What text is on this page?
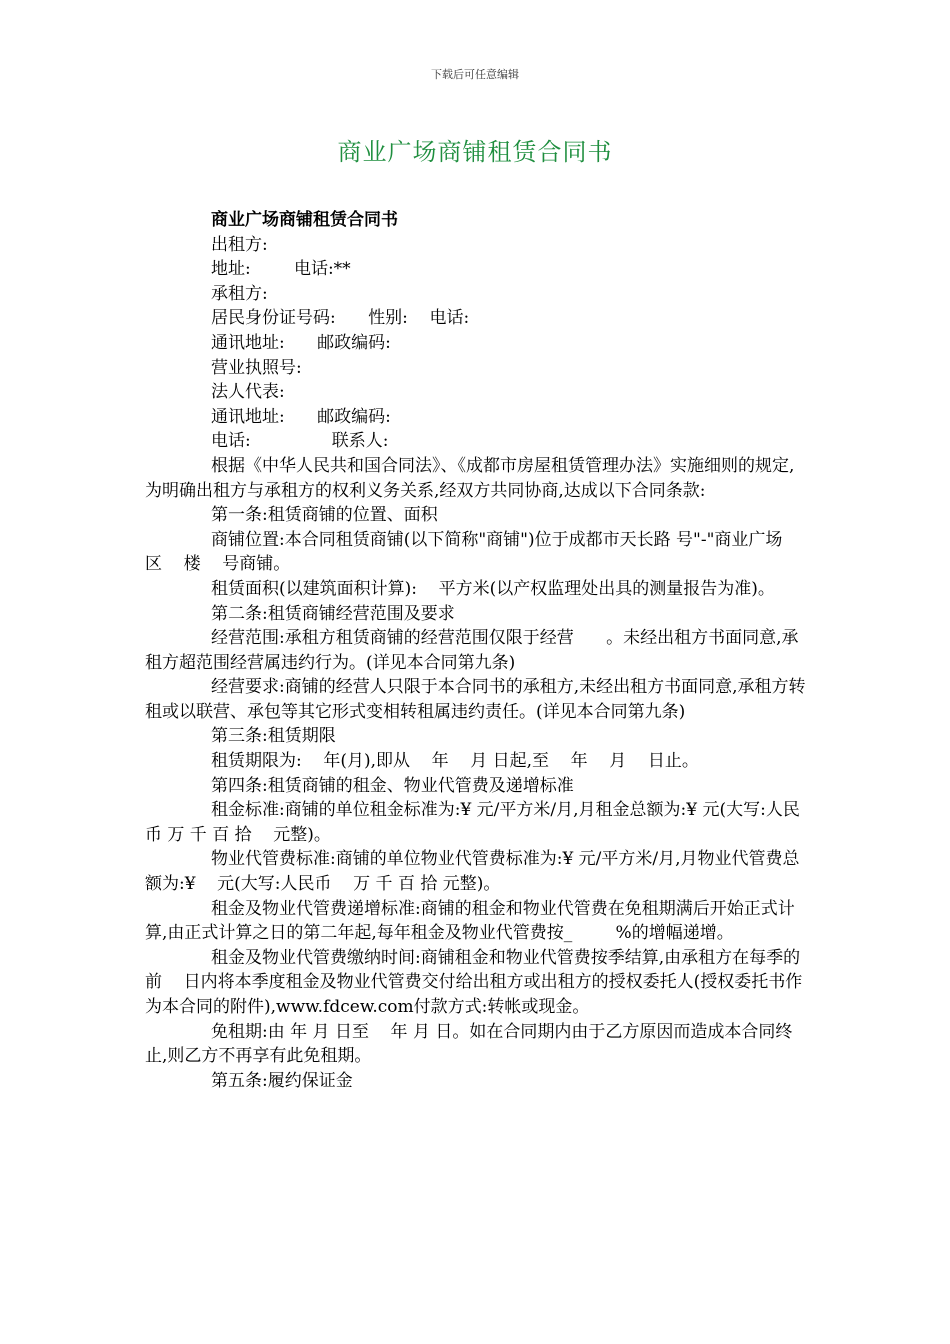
下载后可任意编辑
商业广场商铺租赁合同书

商业广场商铺租赁合同书

出租方:

地址:        电话:**

承租方:

居民身份证号码:      性别:    电话:

通讯地址:      邮政编码:

营业执照号:

法人代表:

通讯地址:      邮政编码:

电话:               联系人:

根据《中华人民共和国合同法》、《成都市房屋租赁管理办法》实施细则的规定,为明确出租方与承租方的权利义务关系,经双方共同协商,达成以下合同条款:

第一条:租赁商铺的位置、面积

商铺位置:本合同租赁商铺(以下简称"商铺")位于成都市天长路 号"-"商业广场    区    楼    号商铺。

租赁面积(以建筑面积计算):    平方米(以产权监理处出具的测量报告为准)。

第二条:租赁商铺经营范围及要求

经营范围:承租方租赁商铺的经营范围仅限于经营      。未经出租方书面同意,承租方超范围经营属违约行为。(详见本合同第九条)

经营要求:商铺的经营人只限于本合同书的承租方,未经出租方书面同意,承租方转租或以联营、承包等其它形式变相转租属违约责任。(详见本合同第九条)

第三条:租赁期限

租赁期限为:    年(月),即从    年    月 日起,至    年    月    日止。

第四条:租赁商铺的租金、物业代管费及递增标准

租金标准:商铺的单位租金标准为:¥ 元/平方米/月,月租金总额为:¥ 元(大写:人民币 万 千 百 拾    元整)。

物业代管费标准:商铺的单位物业代管费标准为:¥ 元/平方米/月,月物业代管费总额为:¥    元(大写:人民币    万 千 百 拾 元整)。

租金及物业代管费递增标准:商铺的租金和物业代管费在免租期满后开始正式计算,由正式计算之日的第二年起,每年租金及物业代管费按_        %的增幅递增。

租金及物业代管费缴纳时间:商铺租金和物业代管费按季结算,由承租方在每季的前    日内将本季度租金及物业代管费交付给出租方或出租方的授权委托人(授权委托书作为本合同的附件),www.fdcew.com付款方式:转帐或现金。

免租期:由 年 月 日至    年 月 日。如在合同期内由于乙方原因而造成本合同终止,则乙方不再享有此免租期。

第五条:履约保证金
